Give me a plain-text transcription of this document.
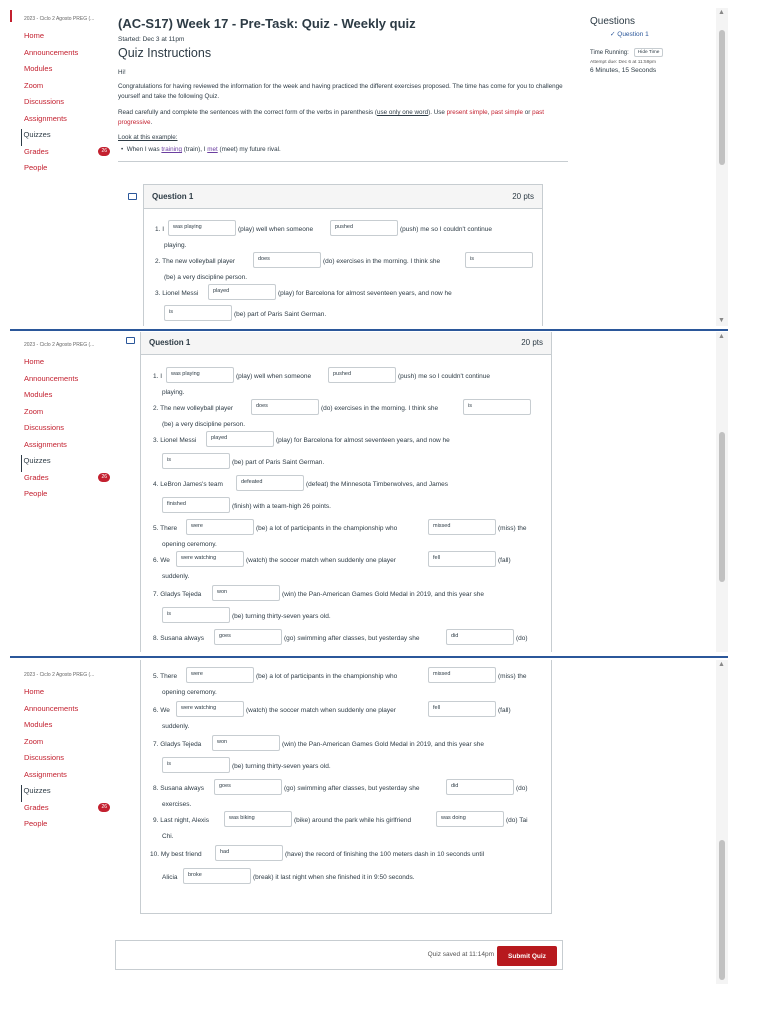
2023 - Ciclo 2 Agosto PREG (...
Home
Announcements
Modules
Zoom
Discussions
Assignments
Quizzes
Grades	26
People
(AC-S17) Week 17 - Pre-Task: Quiz - Weekly quiz
Started: Dec 3 at 11pm
Quiz Instructions
Hi!
Congratulations for having reviewed the information for the week and having practiced the different exercises proposed. The time has come for you to challenge yourself and take the following Quiz.
Read carefully and complete the sentences with the correct form of the verbs in parenthesis (use only one word). Use present simple, past simple or past progressive.
Look at this example:
•  When I was training (train), I met (meet) my future rival.
Question 1	20 pts
1. I	was playing	(play) well when someone	pushed	(push) me so I couldn't continue
playing.
2. The new volleyball player	does	(do) exercises in the morning. I think she	is
(be) a very discipline person.
3. Lionel Messi	played	(play) for Barcelona for almost seventeen years, and now he
is	(be) part of Paris Saint German.
Questions
✓ Question 1
Time Running: Hide Time
Attempt due: Dec 6 at 11:59pm
6 Minutes, 15 Seconds
▲
▼
2023 - Ciclo 2 Agosto PREG (...
Home
Announcements
Modules
Zoom
Discussions
Assignments
Quizzes
Grades	26
People
Question 1	20 pts
1. I	was playing	(play) well when someone	pushed	(push) me so I couldn't continue
playing.
2. The new volleyball player	does	(do) exercises in the morning. I think she	is
(be) a very discipline person.
3. Lionel Messi	played	(play) for Barcelona for almost seventeen years, and now he
is	(be) part of Paris Saint German.
4. LeBron James's team	defeated	(defeat) the Minnesota Timberwolves, and James
finished	(finish) with a team-high 26 points.
5. There	were	(be) a lot of participants in the championship who	missed	(miss) the
opening ceremony.
6. We	were watching	(watch) the soccer match when suddenly one player	fell	(fall)
suddenly.
7. Gladys Tejeda	won	(win) the Pan-American Games Gold Medal in 2019, and this year she
is	(be) turning thirty-seven years old.
8. Susana always	goes	(go) swimming after classes, but yesterday she	did	(do)
▲
2023 - Ciclo 2 Agosto PREG (...
Home
Announcements
Modules
Zoom
Discussions
Assignments
Quizzes
Grades	26
People
5. There	were	(be) a lot of participants in the championship who	missed	(miss) the
opening ceremony.
6. We	were watching	(watch) the soccer match when suddenly one player	fell	(fall)
suddenly.
7. Gladys Tejeda	won	(win) the Pan-American Games Gold Medal in 2019, and this year she
is	(be) turning thirty-seven years old.
8. Susana always	goes	(go) swimming after classes, but yesterday she	did	(do)
exercises.
9. Last night, Alexis	was biking	(bike) around the park while his girlfriend	was doing	(do) Tai
Chi.
10. My best friend	had	(have) the record of finishing the 100 meters dash in 10 seconds until
Alicia	broke	(break) it last night when she finished it in 9:50 seconds.
Quiz saved at 11:14pm	Submit Quiz
▲
